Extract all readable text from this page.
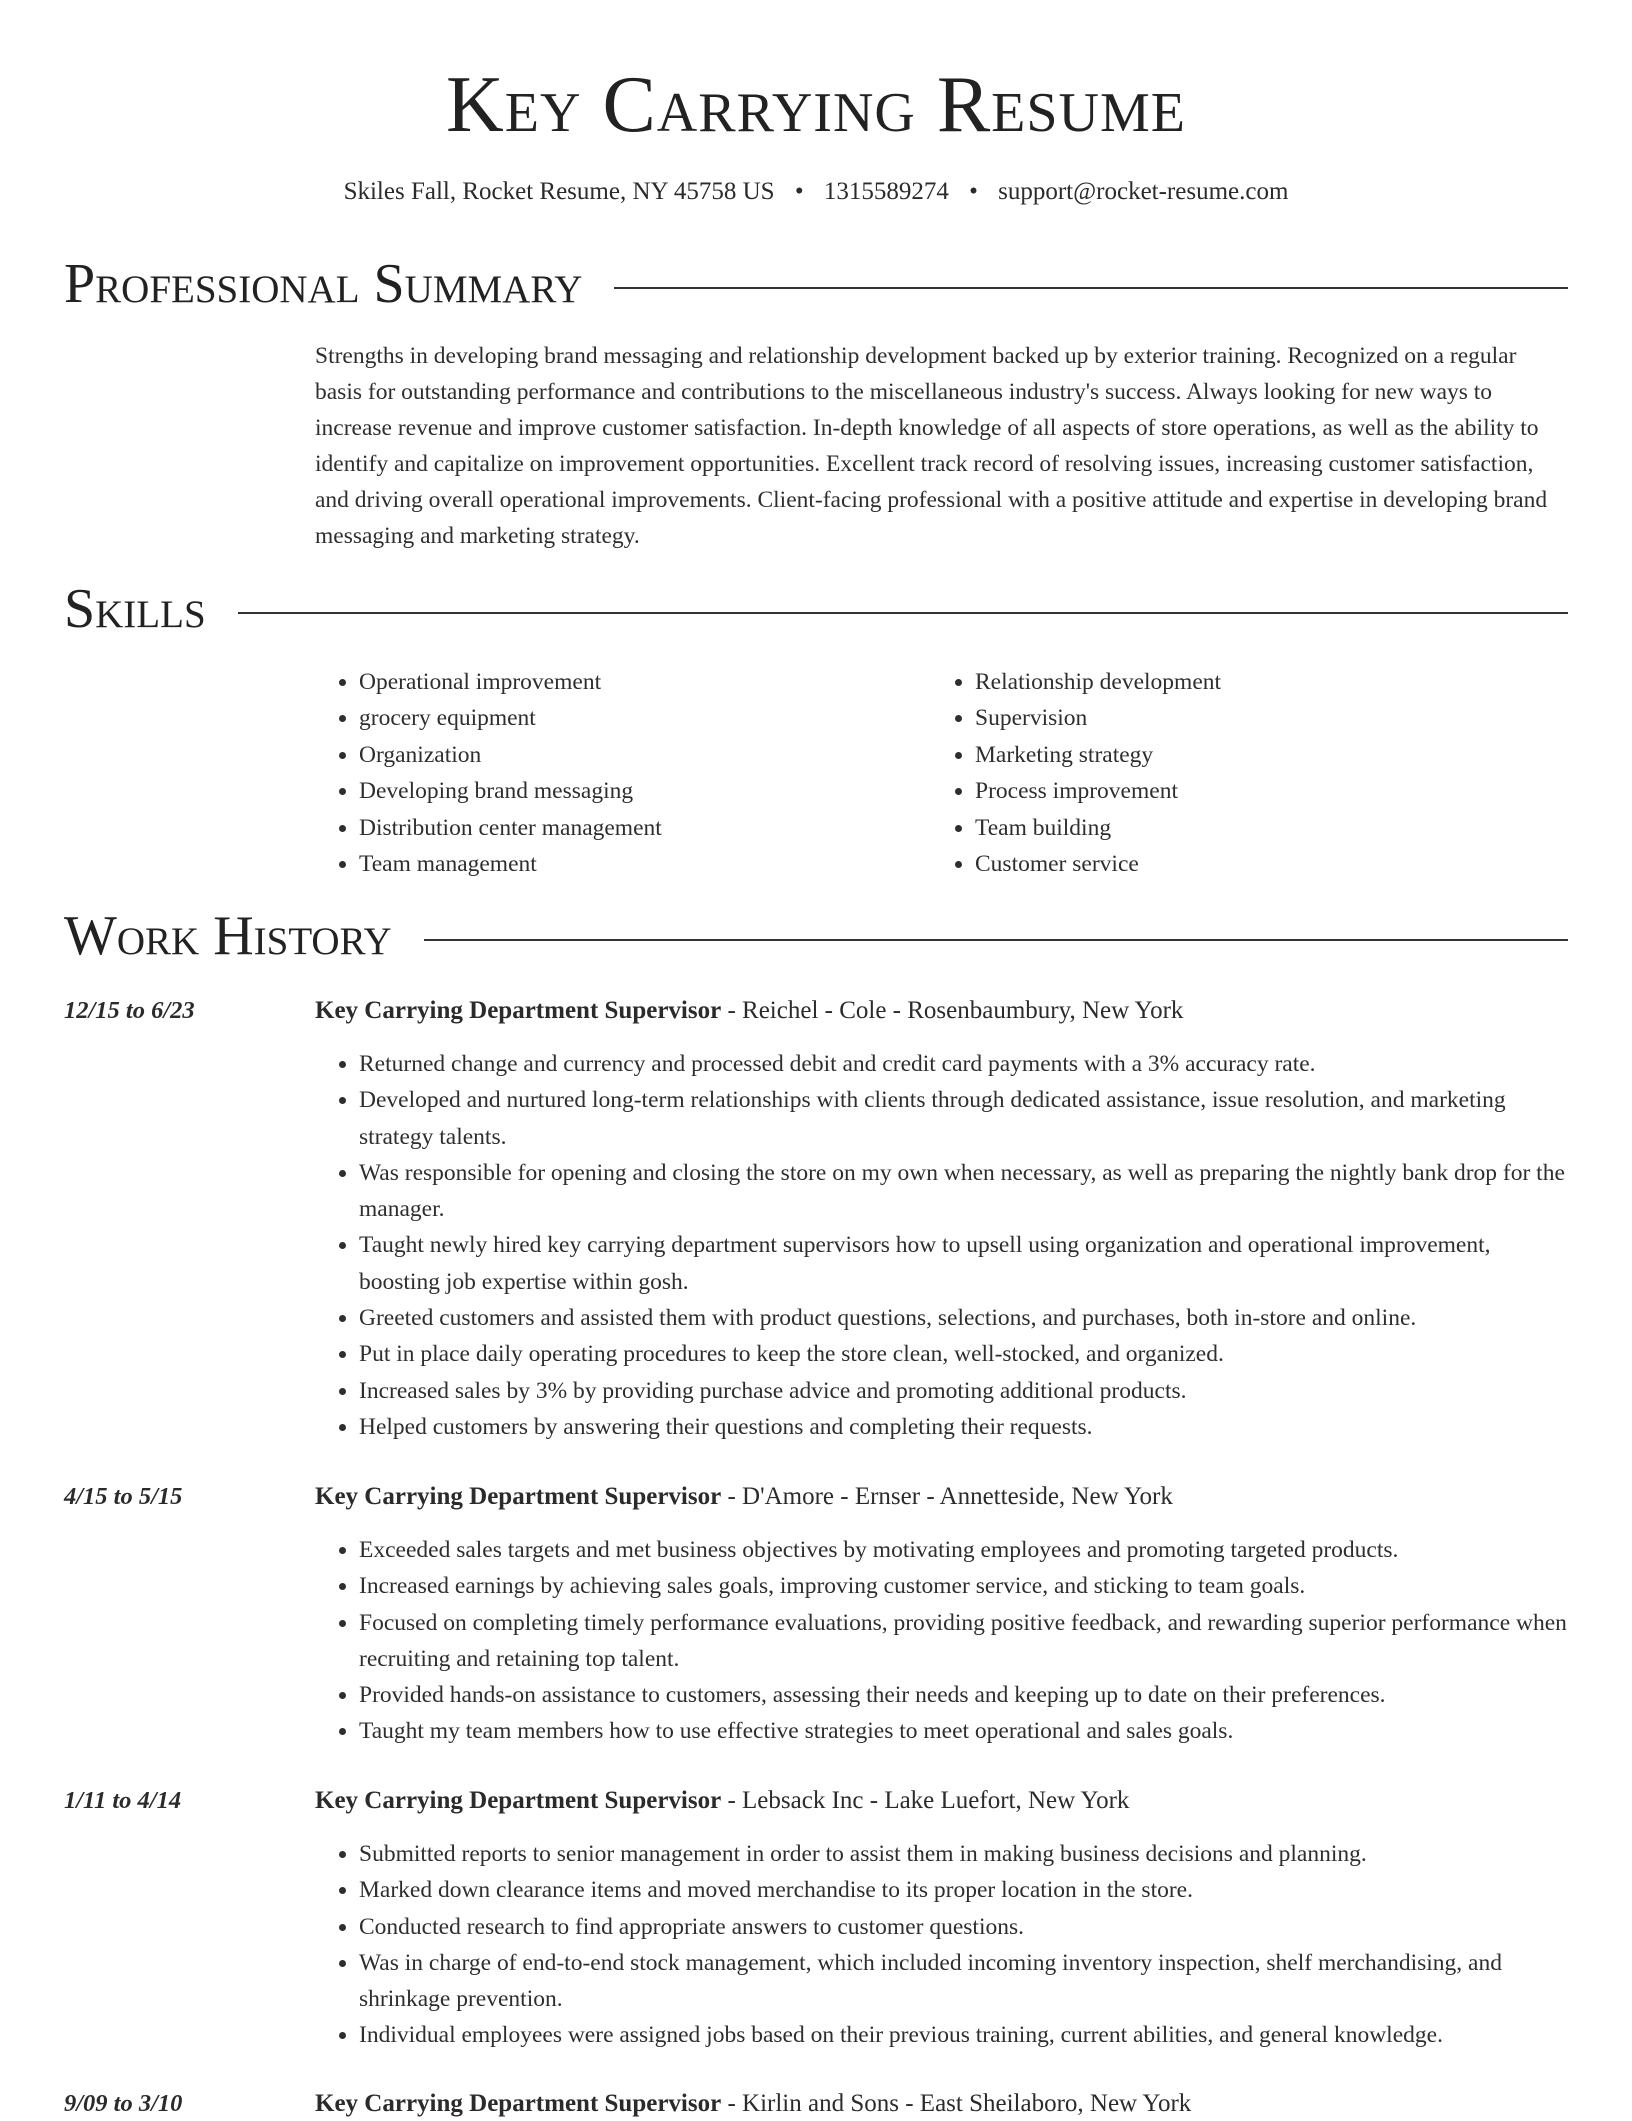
Key Carrying Resume
Skiles Fall, Rocket Resume, NY 45758 US • 1315589274 • support@rocket-resume.com
Professional Summary
Strengths in developing brand messaging and relationship development backed up by exterior training. Recognized on a regular basis for outstanding performance and contributions to the miscellaneous industry's success. Always looking for new ways to increase revenue and improve customer satisfaction. In-depth knowledge of all aspects of store operations, as well as the ability to identify and capitalize on improvement opportunities. Excellent track record of resolving issues, increasing customer satisfaction, and driving overall operational improvements. Client-facing professional with a positive attitude and expertise in developing brand messaging and marketing strategy.
Skills
• Operational improvement
• grocery equipment
• Organization
• Developing brand messaging
• Distribution center management
• Team management
• Relationship development
• Supervision
• Marketing strategy
• Process improvement
• Team building
• Customer service
Work History
12/15 to 6/23	Key Carrying Department Supervisor - Reichel - Cole - Rosenbaumbury, New York
• Returned change and currency and processed debit and credit card payments with a 3% accuracy rate.
• Developed and nurtured long-term relationships with clients through dedicated assistance, issue resolution, and marketing strategy talents.
• Was responsible for opening and closing the store on my own when necessary, as well as preparing the nightly bank drop for the manager.
• Taught newly hired key carrying department supervisors how to upsell using organization and operational improvement, boosting job expertise within gosh.
• Greeted customers and assisted them with product questions, selections, and purchases, both in-store and online.
• Put in place daily operating procedures to keep the store clean, well-stocked, and organized.
• Increased sales by 3% by providing purchase advice and promoting additional products.
• Helped customers by answering their questions and completing their requests.
4/15 to 5/15	Key Carrying Department Supervisor - D'Amore - Ernser - Annetteside, New York
• Exceeded sales targets and met business objectives by motivating employees and promoting targeted products.
• Increased earnings by achieving sales goals, improving customer service, and sticking to team goals.
• Focused on completing timely performance evaluations, providing positive feedback, and rewarding superior performance when recruiting and retaining top talent.
• Provided hands-on assistance to customers, assessing their needs and keeping up to date on their preferences.
• Taught my team members how to use effective strategies to meet operational and sales goals.
1/11 to 4/14	Key Carrying Department Supervisor - Lebsack Inc - Lake Luefort, New York
• Submitted reports to senior management in order to assist them in making business decisions and planning.
• Marked down clearance items and moved merchandise to its proper location in the store.
• Conducted research to find appropriate answers to customer questions.
• Was in charge of end-to-end stock management, which included incoming inventory inspection, shelf merchandising, and shrinkage prevention.
• Individual employees were assigned jobs based on their previous training, current abilities, and general knowledge.
9/09 to 3/10	Key Carrying Department Supervisor - Kirlin and Sons - East Sheilaboro, New York
